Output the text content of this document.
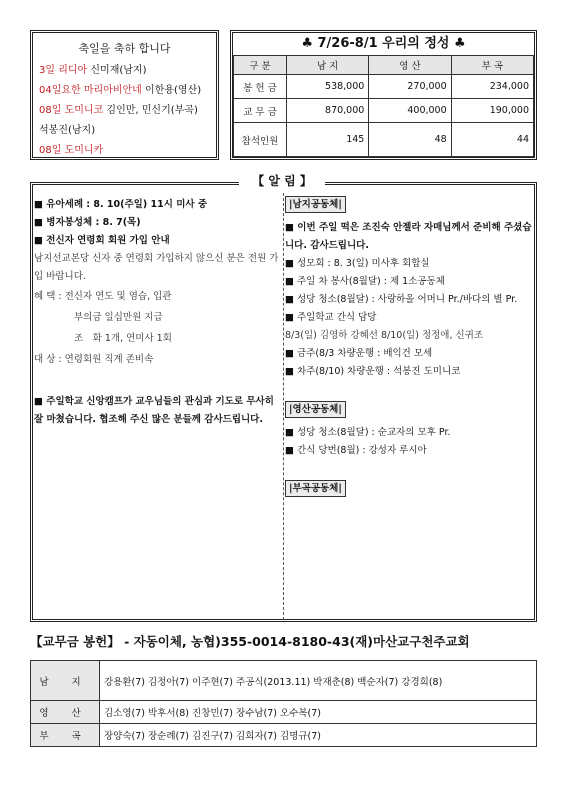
축일을 축하 합니다
3일 리디아 신미재(남지)
04일요한 마리아비안네 이한용(영산)
08일 도미니코 김인만, 민신기(부곡)
석봉진(남지)
08일 도미니카
♣ 7/26-8/1 우리의 정성 ♣
구 분	남 지	영 산	부 곡
봉 헌 금	538,000	270,000	234,000
교 무 금	870,000	400,000	190,000
참석인원	145	48	44
【 알 림 】
■ 유아세례 : 8. 10(주일) 11시 미사 중
■ 병자봉성체 : 8. 7(목)
■ 전신자 연령회 회원 가입 안내
남지선교본당 신자 중 연령회 가입하지 않으신 분은 전원 가입 바랍니다.
혜 택 : 전신자 연도 및 염습, 입관
부의금 일십만원 지급
조　화 1개, 연미사 1회
대 상 : 연령회원 직계 존비속
■ 주일학교 신앙캠프가 교우님들의 관심과 기도로 무사히 잘 마쳤습니다. 협조해 주신 많은 분들께 감사드립니다.
|남지공동체|
■ 이번 주일 떡은 조진숙 안젤라 자매님께서 준비해 주셨습니다. 감사드립니다.
■ 성모회 : 8. 3(일) 미사후 회합실
■ 주일 차 봉사(8월달) : 제 1소공동체
■ 성당 청소(8월달) : 사랑하올 어머니 Pr./바다의 별 Pr.
■ 주일학교 간식 담당
8/3(일) 김영하 강혜선 8/10(일) 정정애, 신귀조
■ 금주(8/3 차량운행 : 배익건 모세
■ 차주(8/10) 차량운행 : 석봉진 도미니코
|영산공동체|
■ 성당 청소(8월달) : 순교자의 모후 Pr.
■ 간식 당번(8월) : 강성자 루시아
|부곡공동체|
【교무금 봉헌】 - 자동이체, 농협)355-0014-8180-43(재)마산교구천주교회
남 지	강용환(7) 김정아(7) 이주현(7) 주공식(2013.11) 박재춘(8) 백순자(7) 강경희(8)
영 산	김소영(7) 박후서(8) 진창민(7) 장수남(7) 오수복(7)
부 곡	장양숙(7) 장순례(7) 김진구(7) 김희자(7) 김명규(7)
